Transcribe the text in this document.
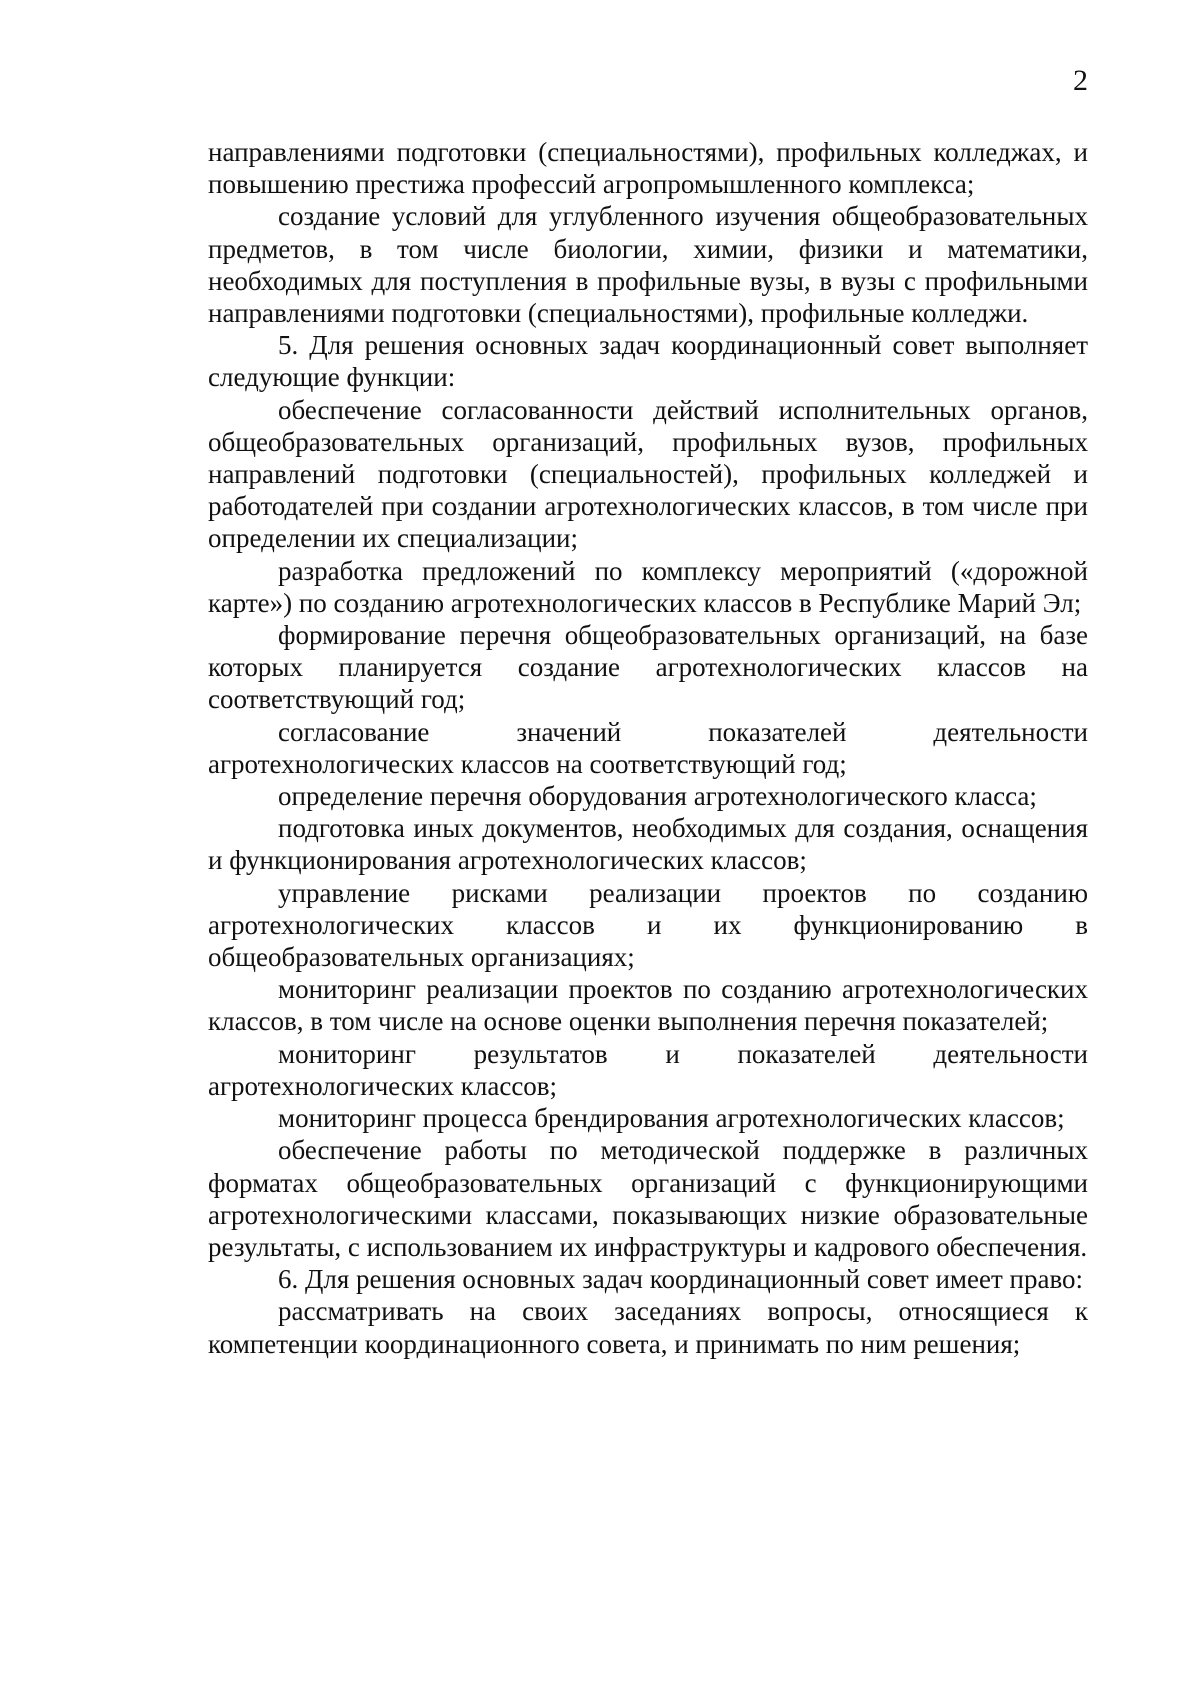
2

направлениями подготовки (специальностями), профильных колледжах, и повышению престижа профессий агропромышленного комплекса;

создание условий для углубленного изучения общеобразовательных предметов, в том числе биологии, химии, физики и математики, необходимых для поступления в профильные вузы, в вузы с профильными направлениями подготовки (специальностями), профильные колледжи.

5. Для решения основных задач координационный совет выполняет следующие функции:

обеспечение согласованности действий исполнительных органов, общеобразовательных организаций, профильных вузов, профильных направлений подготовки (специальностей), профильных колледжей и работодателей при создании агротехнологических классов, в том числе при определении их специализации;

разработка предложений по комплексу мероприятий («дорожной карте») по созданию агротехнологических классов в Республике Марий Эл;

формирование перечня общеобразовательных организаций, на базе которых планируется создание агротехнологических классов на соответствующий год;

согласование значений показателей деятельности агротехнологических классов на соответствующий год;

определение перечня оборудования агротехнологического класса;

подготовка иных документов, необходимых для создания, оснащения и функционирования агротехнологических классов;

управление рисками реализации проектов по созданию агротехнологических классов и их функционированию в общеобразовательных организациях;

мониторинг реализации проектов по созданию агротехнологических классов, в том числе на основе оценки выполнения перечня показателей;

мониторинг результатов и показателей деятельности агротехнологических классов;

мониторинг процесса брендирования агротехнологических классов;

обеспечение работы по методической поддержке в различных форматах общеобразовательных организаций с функционирующими агротехнологическими классами, показывающих низкие образовательные результаты, с использованием их инфраструктуры и кадрового обеспечения.

6. Для решения основных задач координационный совет имеет право:

рассматривать на своих заседаниях вопросы, относящиеся к компетенции координационного совета, и принимать по ним решения;
